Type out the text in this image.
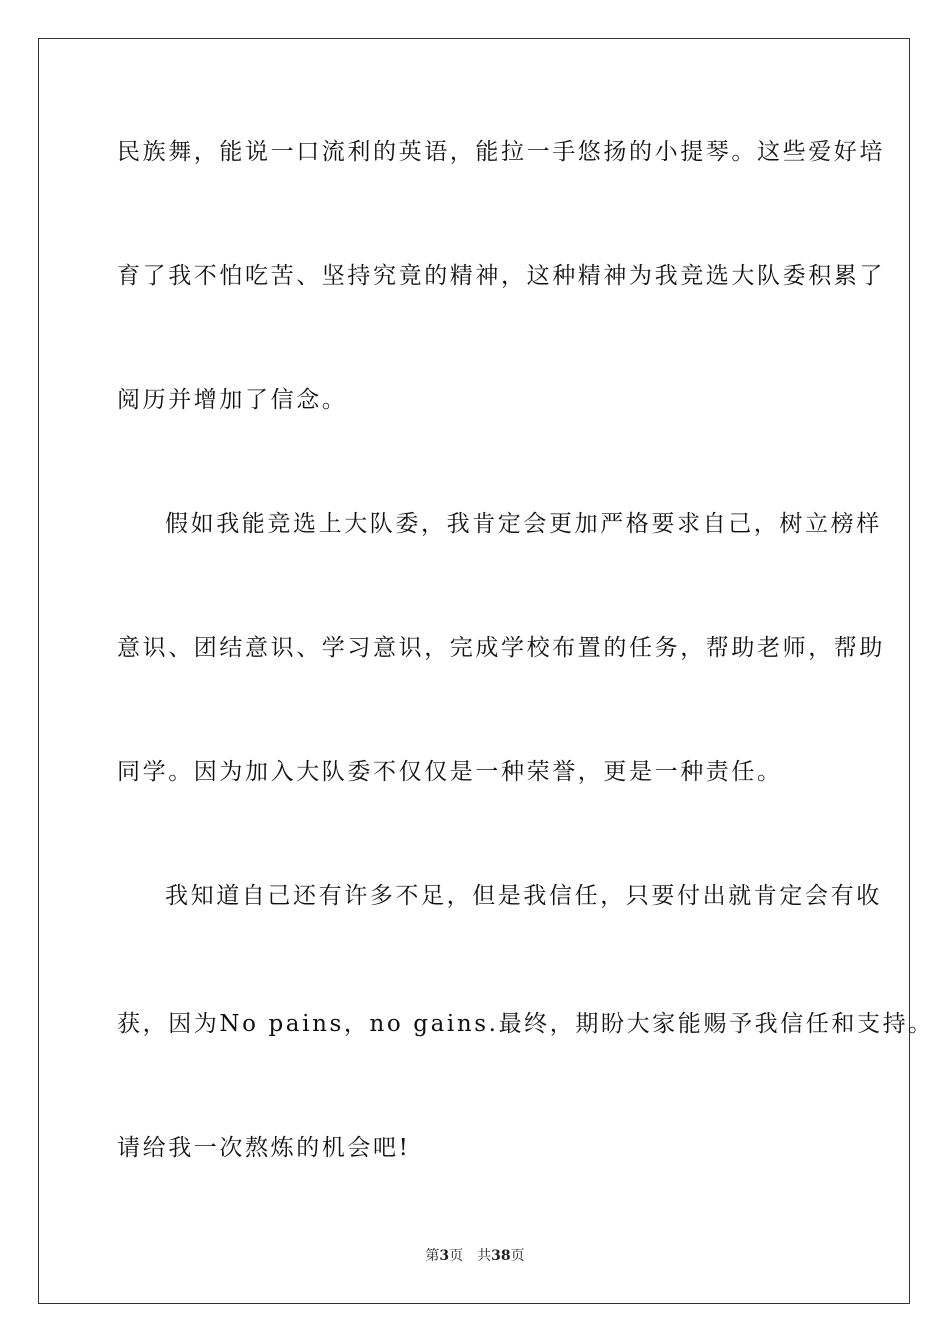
民族舞，能说一口流利的英语，能拉一手悠扬的小提琴。这些爱好培
育了我不怕吃苦、坚持究竟的精神，这种精神为我竞选大队委积累了
阅历并增加了信念。
假如我能竞选上大队委，我肯定会更加严格要求自己，树立榜样
意识、团结意识、学习意识，完成学校布置的任务，帮助老师，帮助
同学。因为加入大队委不仅仅是一种荣誉，更是一种责任。
我知道自己还有许多不足，但是我信任，只要付出就肯定会有收
获，因为No pains，no gains.最终，期盼大家能赐予我信任和支持。
请给我一次熬炼的机会吧!
第3页 共38页
